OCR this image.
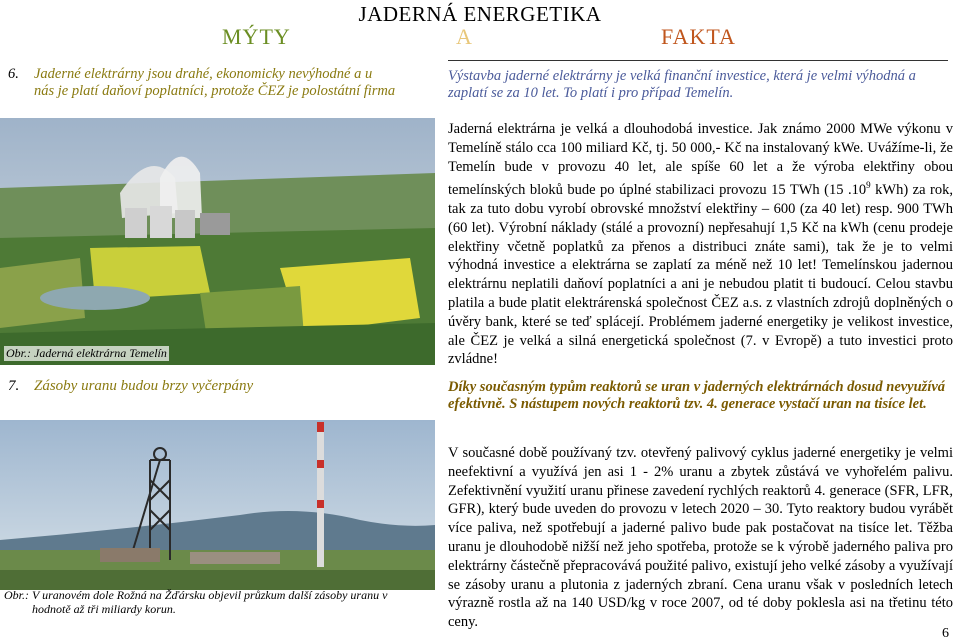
JADERNÁ ENERGETIKA
MÝTY	A	FAKTA
6. Jaderné elektrárny jsou drahé, ekonomicky nevýhodné a u
nás je platí daňoví poplatníci, protože ČEZ je polostátní firma
Výstavba jaderné elektrárny je velká finanční investice, která je velmi výhodná a zaplatí se za 10 let. To platí i pro případ Temelín.
Obr.: Jaderná elektrárna Temelín
Jaderná elektrárna je velká a dlouhodobá investice. Jak známo 2000 MWe výkonu v Temelíně stálo cca 100 miliard Kč, tj. 50 000,- Kč na instalovaný kWe. Uvážíme-li, že Temelín bude v provozu 40 let, ale spíše 60 let a že výroba elektřiny obou temelínských bloků bude po úplné stabilizaci provozu 15 TWh (15 $.10^9$ kWh) za rok, tak za tuto dobu vyrobí obrovské množství elektřiny – 600 (za 40 let) resp. 900 TWh (60 let). Výrobní náklady (stálé a provozní) nepřesahují 1,5 Kč na kWh (cenu prodeje elektřiny včetně poplatků za přenos a distribuci znáte sami), tak že je to velmi výhodná investice a elektrárna se zaplatí za méně než 10 let! Temelínskou jadernou elektrárnu neplatili daňoví poplatníci a ani je nebudou platit ti budoucí. Celou stavbu platila a bude platit elektrárenská společnost ČEZ a.s. z vlastních zdrojů doplněných o úvěry bank, které se teď splácejí. Problémem jaderné energetiky je velikost investice, ale ČEZ je velká a silná energetická společnost (7. v Evropě) a tuto investici proto zvládne!
7. Zásoby uranu budou brzy vyčerpány	Díky současným typům reaktorů se uran v jaderných elektrárnách dosud nevyužívá efektivně. S nástupem nových reaktorů tzv. 4. generace vystačí uran na tisíce let.
Obr.: V uranovém dole Rožná na Žďársku objevil průzkum další zásoby uranu v
hodnotě až tři miliardy korun.
V současné době používaný tzv. otevřený palivový cyklus jaderné energetiky je velmi neefektivní a využívá jen asi 1 - 2% uranu a zbytek zůstává ve vyhořelém palivu. Zefektivnění využití uranu přinese zavedení rychlých reaktorů 4. generace (SFR, LFR, GFR), který bude uveden do provozu v letech 2020 – 30. Tyto reaktory budou vyrábět více paliva, než spotřebují a jaderné palivo bude pak postačovat na tisíce let. Těžba uranu je dlouhodobě nižší než jeho spotřeba, protože se k výrobě jaderného paliva pro elektrárny částečně přepracovává použité palivo, existují jeho velké zásoby a využívají se zásoby uranu a plutonia z jaderných zbraní. Cena uranu však v posledních letech výrazně rostla až na 140 USD/kg v roce 2007, od té doby poklesla asi na třetinu této ceny.
6
